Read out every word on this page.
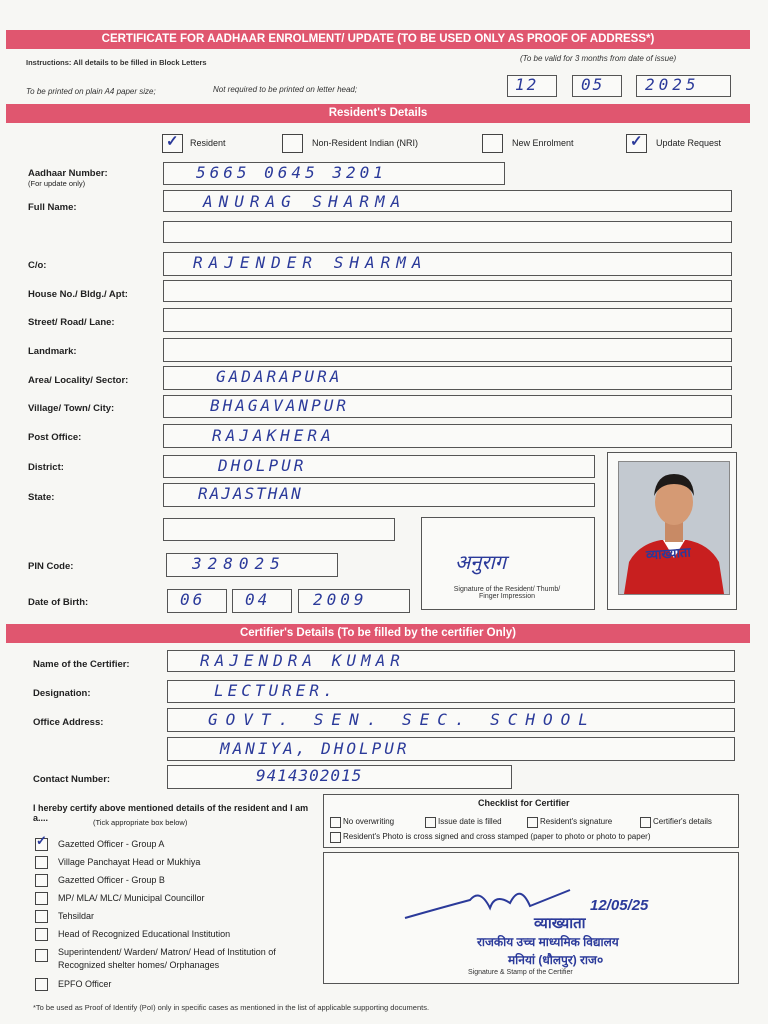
CERTIFICATE FOR AADHAAR ENROLMENT/ UPDATE (TO BE USED ONLY AS PROOF OF ADDRESS*)
Instructions: All details to be filled in Block Letters	(To be valid for 3 months from date of issue)
To be printed on plain A4 paper size;	Not required to be printed on letter head;	12	05	2025
Resident's Details
✓ Resident	Non-Resident Indian (NRI)	New Enrolment	✓ Update Request
Aadhaar Number:
(For update only)
5665 0645 3201
Full Name:	ANURAG SHARMA
C/o:	RAJENDER SHARMA
House No./ Bldg./ Apt:
Street/ Road/ Lane:
Landmark:
Area/ Locality/ Sector:	GADARAPURA
Village/ Town/ City:	BHAGAVANPUR
Post Office:	RAJAKHERA
District:	DHOLPUR
State:	RAJASTHAN
अनुराग
Signature of the Resident/ Thumb/ Finger Impression
व्याख्याता
PIN Code:	328025
Date of Birth:	06 04	2009
Certifier's Details (To be filled by the certifier Only)
Name of the Certifier:	RAJENDRA KUMAR
Designation:	LECTURER.
Office Address:	GOVT. SEN. SEC. SCHOOL
MANIYA, DHOLPUR
Contact Number:	9414302015
I hereby certify above mentioned details of the resident and I am a....	(Tick appropriate box below)
✓ Gazetted Officer - Group A
Village Panchayat Head or Mukhiya
Gazetted Officer - Group B
MP/ MLA/ MLC/ Municipal Councillor
Tehsildar
Head of Recognized Educational Institution
Superintendent/ Warden/ Matron/ Head of Institution of Recognized shelter homes/ Orphanages
EPFO Officer
Checklist for Certifier
No overwriting	Issue date is filled	Resident's signature	Certifier's details
Resident's Photo is cross signed and cross stamped (paper to photo or photo to paper)
12/05/25
व्याख्याता
राजकीय उच्च माध्यमिक विद्यालय
मनियां (धौलपुर) राज०
Signature & Stamp of the Certifier
*To be used as Proof of Identify (PoI) only in specific cases as mentioned in the list of applicable supporting documents.
